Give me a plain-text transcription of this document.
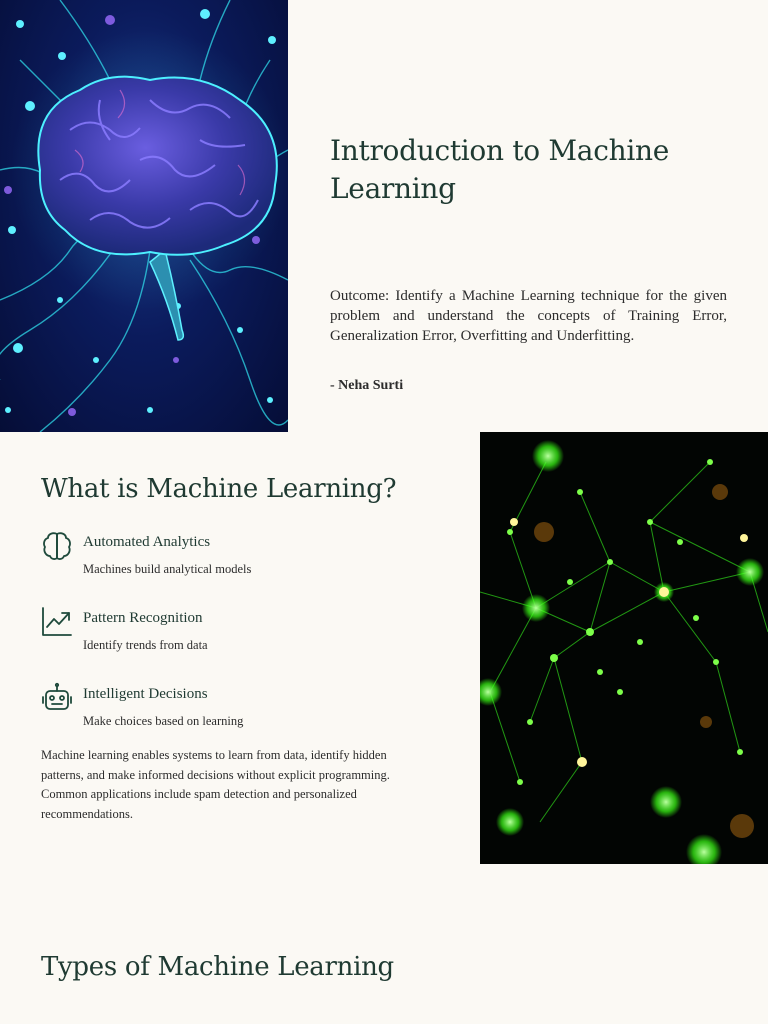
Introduction to Machine Learning
Outcome: Identify a Machine Learning technique for the given problem and understand the concepts of Training Error, Generalization Error, Overfitting and Underfitting.
- Neha Surti
What is Machine Learning?
Automated Analytics
Machines build analytical models
Pattern Recognition
Identify trends from data
Intelligent Decisions
Make choices based on learning
Machine learning enables systems to learn from data, identify hidden patterns, and make informed decisions without explicit programming. Common applications include spam detection and personalized recommendations.
Types of Machine Learning
